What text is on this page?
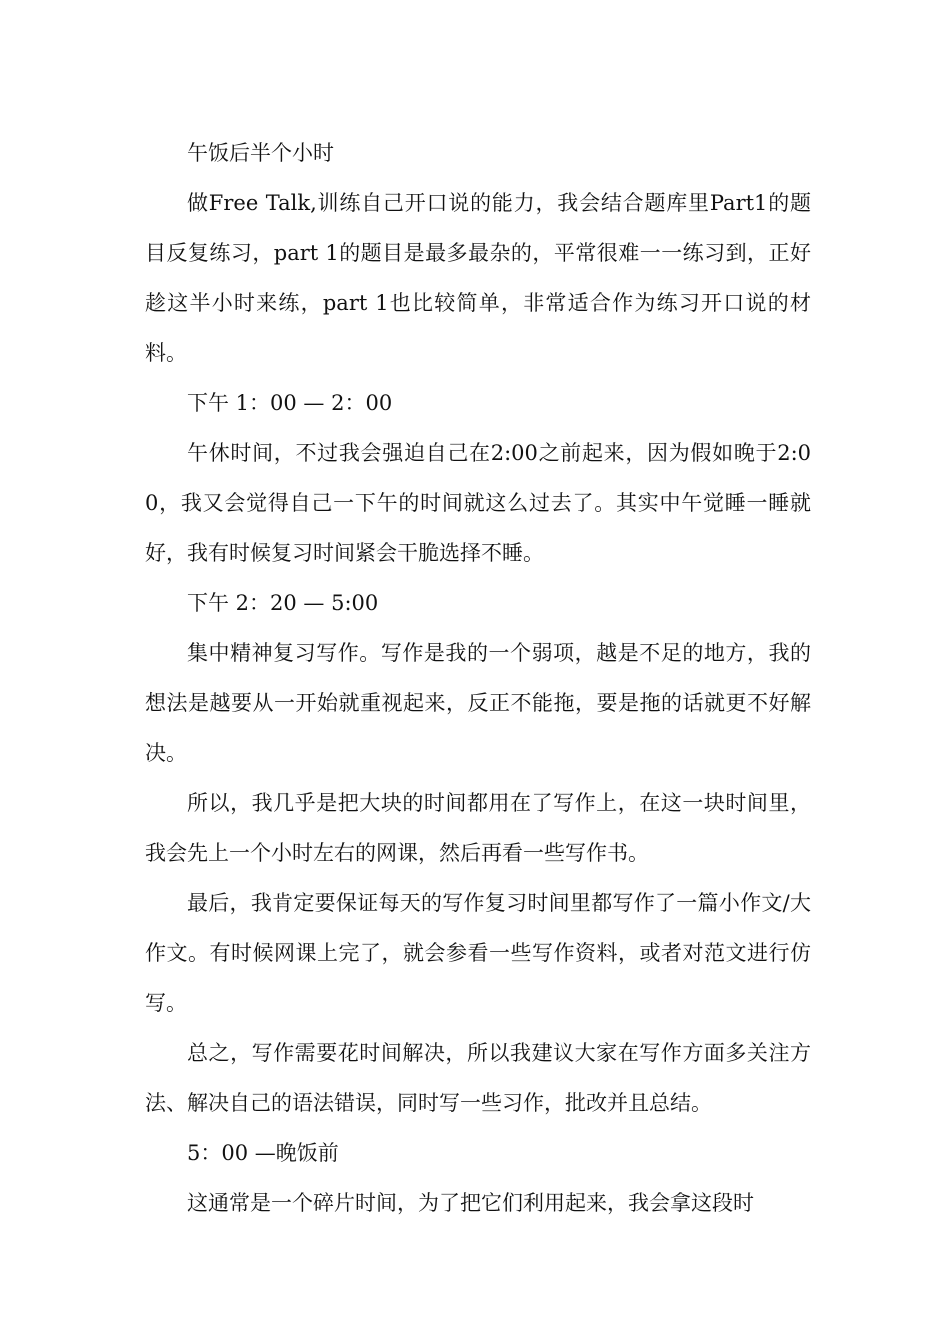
午饭后半个小时

做Free Talk,训练自己开口说的能力，我会结合题库里Part1的题目反复练习，part 1的题目是最多最杂的，平常很难一一练习到，正好趁这半小时来练，part 1也比较简单，非常适合作为练习开口说的材料。

下午 1：00 — 2：00

午休时间，不过我会强迫自己在2:00之前起来，因为假如晚于2:00，我又会觉得自己一下午的时间就这么过去了。其实中午觉睡一睡就好，我有时候复习时间紧会干脆选择不睡。

下午 2：20 — 5:00

集中精神复习写作。写作是我的一个弱项，越是不足的地方，我的想法是越要从一开始就重视起来，反正不能拖，要是拖的话就更不好解决。

所以，我几乎是把大块的时间都用在了写作上，在这一块时间里，我会先上一个小时左右的网课，然后再看一些写作书。

最后，我肯定要保证每天的写作复习时间里都写作了一篇小作文/大作文。有时候网课上完了，就会参看一些写作资料，或者对范文进行仿写。

总之，写作需要花时间解决，所以我建议大家在写作方面多关注方法、解决自己的语法错误，同时写一些习作，批改并且总结。

5：00 —晚饭前

这通常是一个碎片时间，为了把它们利用起来，我会拿这段时
